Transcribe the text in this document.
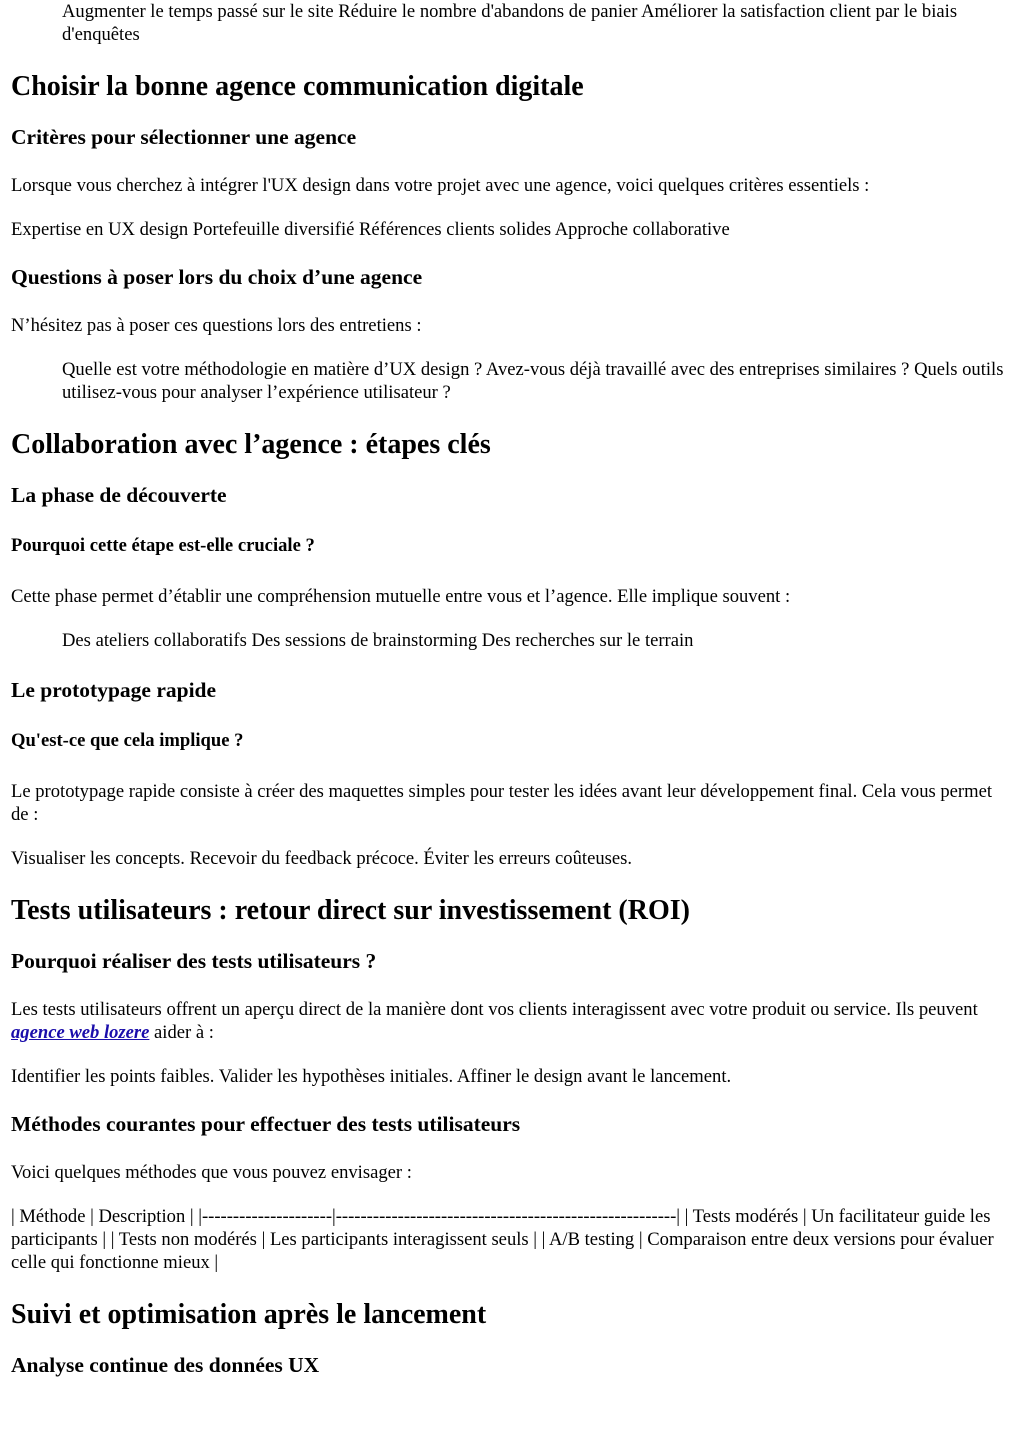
Augmenter le temps passé sur le site Réduire le nombre d'abandons de panier Améliorer la satisfaction client par le biais d'enquêtes

Choisir la bonne agence communication digitale
Critères pour sélectionner une agence

Lorsque vous cherchez à intégrer l'UX design dans votre projet avec une agence, voici quelques critères essentiels :

Expertise en UX design Portefeuille diversifié Références clients solides Approche collaborative

Questions à poser lors du choix d’une agence

N’hésitez pas à poser ces questions lors des entretiens :

Quelle est votre méthodologie en matière d’UX design ? Avez-vous déjà travaillé avec des entreprises similaires ? Quels outils utilisez-vous pour analyser l’expérience utilisateur ?

Collaboration avec l’agence : étapes clés
La phase de découverte
Pourquoi cette étape est-elle cruciale ?

Cette phase permet d’établir une compréhension mutuelle entre vous et l’agence. Elle implique souvent :

Des ateliers collaboratifs Des sessions de brainstorming Des recherches sur le terrain

Le prototypage rapide
Qu'est-ce que cela implique ?

Le prototypage rapide consiste à créer des maquettes simples pour tester les idées avant leur développement final. Cela vous permet de :

Visualiser les concepts. Recevoir du feedback précoce. Éviter les erreurs coûteuses.

Tests utilisateurs : retour direct sur investissement (ROI)
Pourquoi réaliser des tests utilisateurs ?

Les tests utilisateurs offrent un aperçu direct de la manière dont vos clients interagissent avec votre produit ou service. Ils peuvent agence web lozere aider à :

Identifier les points faibles. Valider les hypothèses initiales. Affiner le design avant le lancement.

Méthodes courantes pour effectuer des tests utilisateurs

Voici quelques méthodes que vous pouvez envisager :

| Méthode | Description | |---------------------|-------------------------------------------------------| | Tests modérés | Un facilitateur guide les participants | | Tests non modérés | Les participants interagissent seuls | | A/B testing | Comparaison entre deux versions pour évaluer celle qui fonctionne mieux |

Suivi et optimisation après le lancement
Analyse continue des données UX
